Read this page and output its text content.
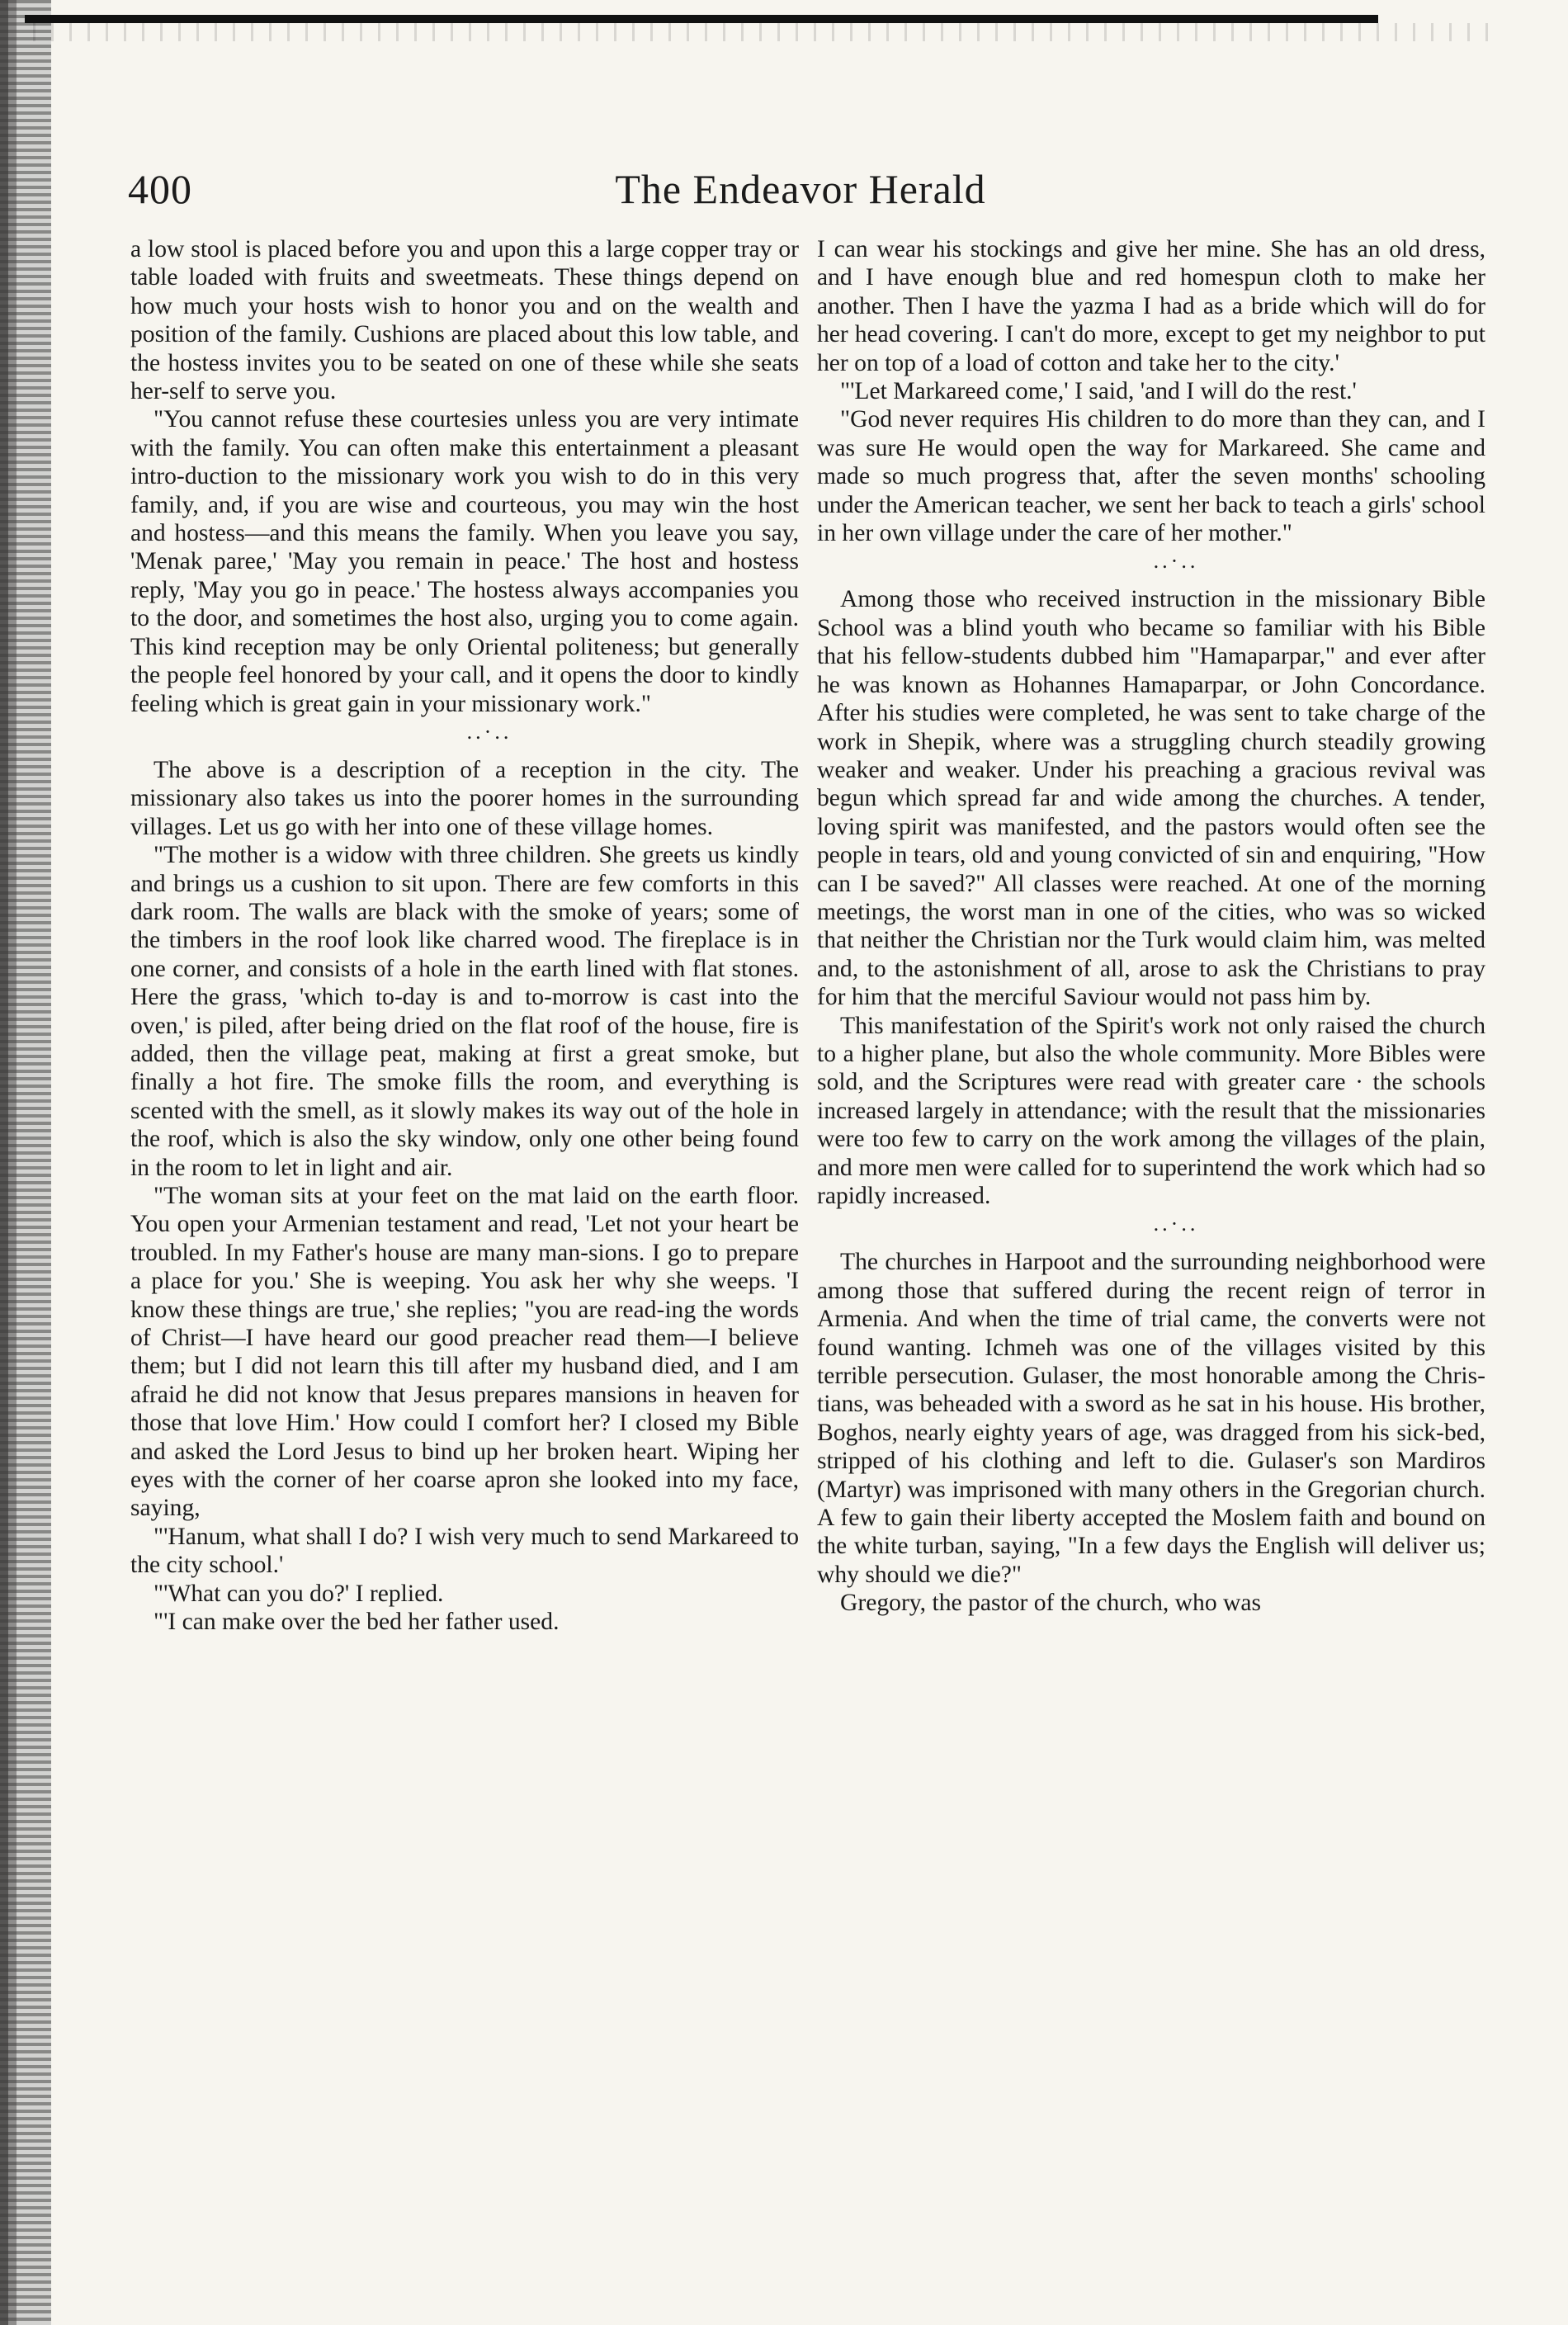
400	The Endeavor Herald

a low stool is placed before you and upon this a large copper tray or table loaded with fruits and sweetmeats. These things depend on how much your hosts wish to honor you and on the wealth and position of the family. Cushions are placed about this low table, and the hostess invites you to be seated on one of these while she seats her-self to serve you.

"You cannot refuse these courtesies unless you are very intimate with the family. You can often make this entertainment a pleasant intro-duction to the missionary work you wish to do in this very family, and, if you are wise and courteous, you may win the host and hostess—and this means the family. When you leave you say, 'Menak paree,' 'May you remain in peace.' The host and hostess reply, 'May you go in peace.' The hostess always accompanies you to the door, and sometimes the host also, urging you to come again. This kind reception may be only Oriental politeness; but generally the people feel honored by your call, and it opens the door to kindly feeling which is great gain in your missionary work."

..·..

The above is a description of a reception in the city. The missionary also takes us into the poorer homes in the surrounding villages. Let us go with her into one of these village homes.

"The mother is a widow with three children. She greets us kindly and brings us a cushion to sit upon. There are few comforts in this dark room. The walls are black with the smoke of years; some of the timbers in the roof look like charred wood. The fireplace is in one corner, and consists of a hole in the earth lined with flat stones. Here the grass, 'which to-day is and to-morrow is cast into the oven,' is piled, after being dried on the flat roof of the house, fire is added, then the village peat, making at first a great smoke, but finally a hot fire. The smoke fills the room, and everything is scented with the smell, as it slowly makes its way out of the hole in the roof, which is also the sky window, only one other being found in the room to let in light and air.

"The woman sits at your feet on the mat laid on the earth floor. You open your Armenian testament and read, 'Let not your heart be troubled. In my Father's house are many man-sions. I go to prepare a place for you.' She is weeping. You ask her why she weeps. 'I know these things are true,' she replies; "you are read-ing the words of Christ—I have heard our good preacher read them—I believe them; but I did not learn this till after my husband died, and I am afraid he did not know that Jesus prepares mansions in heaven for those that love Him.' How could I comfort her? I closed my Bible and asked the Lord Jesus to bind up her broken heart. Wiping her eyes with the corner of her coarse apron she looked into my face, saying,

"'Hanum, what shall I do? I wish very much to send Markareed to the city school.'

"'What can you do?' I replied.

"'I can make over the bed her father used.

I can wear his stockings and give her mine. She has an old dress, and I have enough blue and red homespun cloth to make her another. Then I have the yazma I had as a bride which will do for her head covering. I can't do more, except to get my neighbor to put her on top of a load of cotton and take her to the city.'

"'Let Markareed come,' I said, 'and I will do the rest.'

"God never requires His children to do more than they can, and I was sure He would open the way for Markareed. She came and made so much progress that, after the seven months' schooling under the American teacher, we sent her back to teach a girls' school in her own village under the care of her mother."

..·..

Among those who received instruction in the missionary Bible School was a blind youth who became so familiar with his Bible that his fellow-students dubbed him "Hamaparpar," and ever after he was known as Hohannes Hamaparpar, or John Concordance. After his studies were completed, he was sent to take charge of the work in Shepik, where was a struggling church steadily growing weaker and weaker. Under his preaching a gracious revival was begun which spread far and wide among the churches. A tender, loving spirit was manifested, and the pastors would often see the people in tears, old and young convicted of sin and enquiring, "How can I be saved?" All classes were reached. At one of the morning meetings, the worst man in one of the cities, who was so wicked that neither the Christian nor the Turk would claim him, was melted and, to the astonishment of all, arose to ask the Christians to pray for him that the merciful Saviour would not pass him by.

This manifestation of the Spirit's work not only raised the church to a higher plane, but also the whole community. More Bibles were sold, and the Scriptures were read with greater care · the schools increased largely in attendance; with the result that the missionaries were too few to carry on the work among the villages of the plain, and more men were called for to superintend the work which had so rapidly increased.

..·..

The churches in Harpoot and the surrounding neighborhood were among those that suffered during the recent reign of terror in Armenia. And when the time of trial came, the converts were not found wanting. Ichmeh was one of the villages visited by this terrible persecution. Gulaser, the most honorable among the Chris-tians, was beheaded with a sword as he sat in his house. His brother, Boghos, nearly eighty years of age, was dragged from his sick-bed, stripped of his clothing and left to die. Gulaser's son Mardiros (Martyr) was imprisoned with many others in the Gregorian church. A few to gain their liberty accepted the Moslem faith and bound on the white turban, saying, "In a few days the English will deliver us; why should we die?"

Gregory, the pastor of the church, who was
